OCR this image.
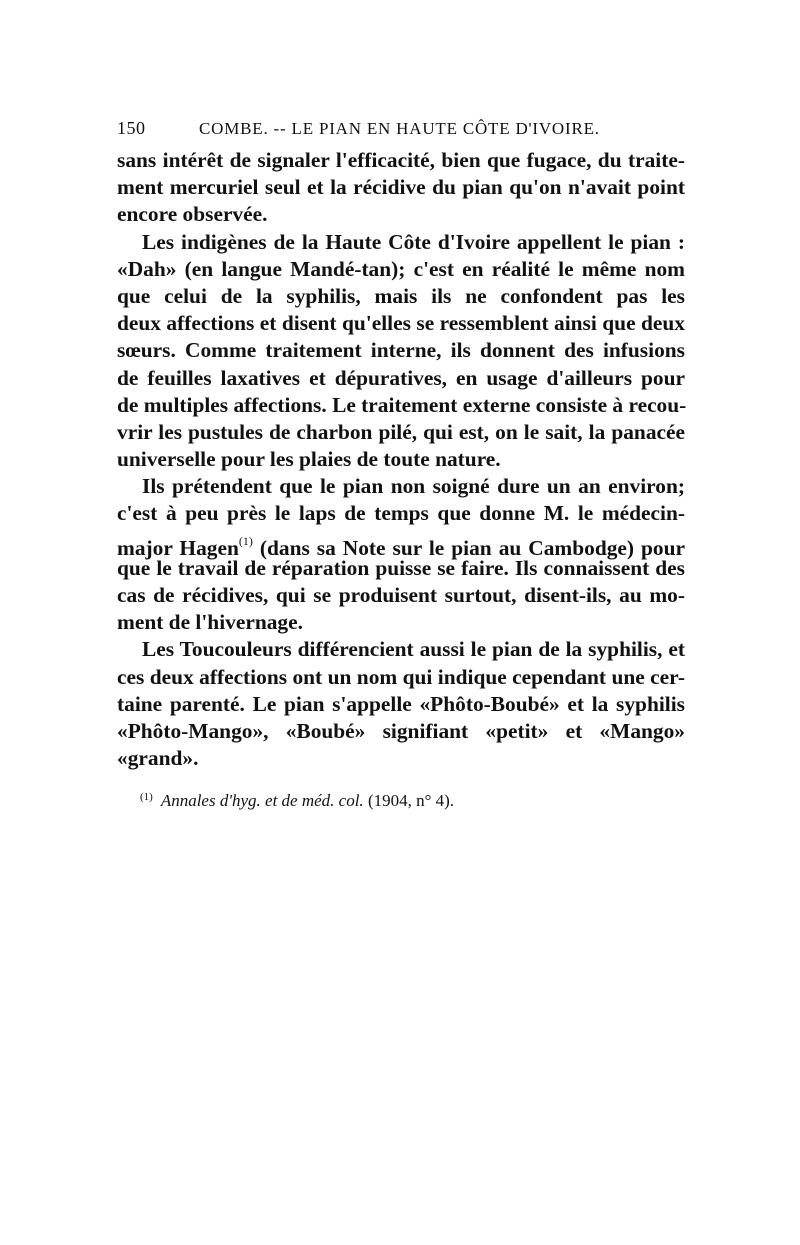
150	COMBE. -- LE PIAN EN HAUTE CÔTE D'IVOIRE.
sans intérêt de signaler l'efficacité, bien que fugace, du traite-
ment mercuriel seul et la récidive du pian qu'on n'avait point
encore observée.
Les indigènes de la Haute Côte d'Ivoire appellent le pian :
«Dah» (en langue Mandé-tan); c'est en réalité le même nom
que celui de la syphilis, mais ils ne confondent pas les
deux affections et disent qu'elles se ressemblent ainsi que deux
sœurs. Comme traitement interne, ils donnent des infusions
de feuilles laxatives et dépuratives, en usage d'ailleurs pour
de multiples affections. Le traitement externe consiste à recou-
vrir les pustules de charbon pilé, qui est, on le sait, la panacée
universelle pour les plaies de toute nature.
Ils prétendent que le pian non soigné dure un an environ;
c'est à peu près le laps de temps que donne M. le médecin-
major Hagen$^{(1)}$ (dans sa Note sur le pian au Cambodge) pour
que le travail de réparation puisse se faire. Ils connaissent des
cas de récidives, qui se produisent surtout, disent-ils, au mo-
ment de l'hivernage.
Les Toucouleurs différencient aussi le pian de la syphilis, et
ces deux affections ont un nom qui indique cependant une cer-
taine parenté. Le pian s'appelle «Phôto-Boubé» et la syphilis
«Phôto-Mango», «Boubé» signifiant «petit» et «Mango»
«grand».
$^{(1)}$ Annales d'hyg. et de méd. col. (1904, n° 4).
